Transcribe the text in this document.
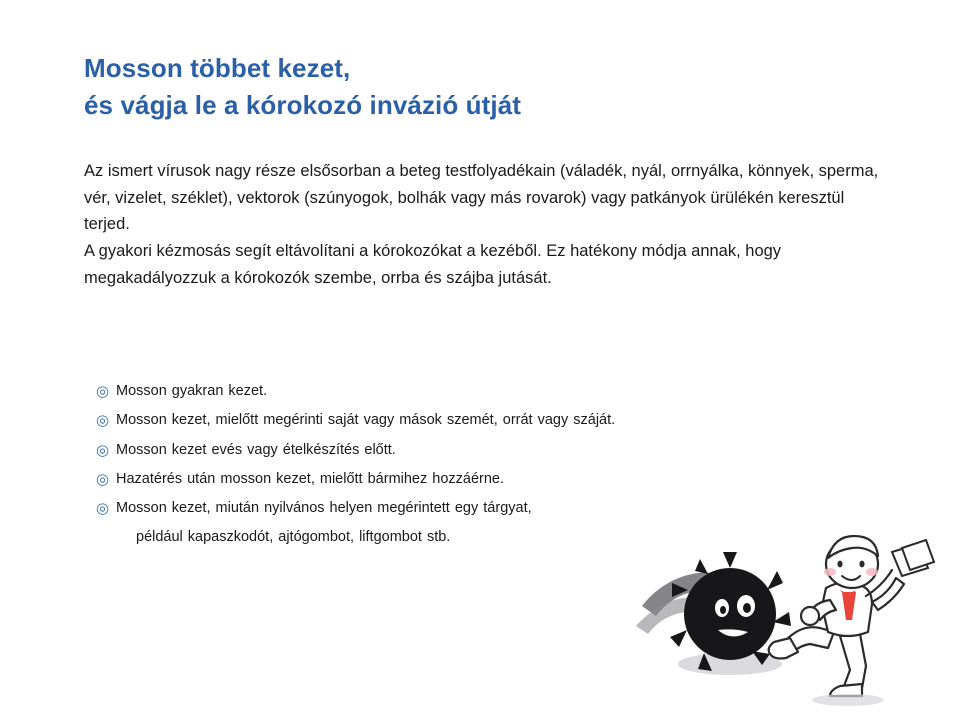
Mosson többet kezet,
és vágja le a kórokozó invázió útját

Az ismert vírusok nagy része elsősorban a beteg testfolyadékain (váladék, nyál, orrnyálka, könnyek, sperma, vér, vizelet, széklet), vektorok (szúnyogok, bolhák vagy más rovarok) vagy patkányok ürülékén keresztül terjed.

A gyakori kézmosás segít eltávolítani a kórokozókat a kezéből. Ez hatékony módja annak, hogy megakadályozzuk a kórokozók szembe, orrba és szájba jutását.

◎ Mosson gyakran kezet.
◎ Mosson kezet, mielőtt megérinti saját vagy mások szemét, orrát vagy száját.
◎ Mosson kezet evés vagy ételkészítés előtt.
◎ Hazatérés után mosson kezet, mielőtt bármihez hozzáérne.
◎ Mosson kezet, miután nyilvános helyen megérintett egy tárgyat,
például kapaszkodót, ajtógombot, liftgombot stb.
